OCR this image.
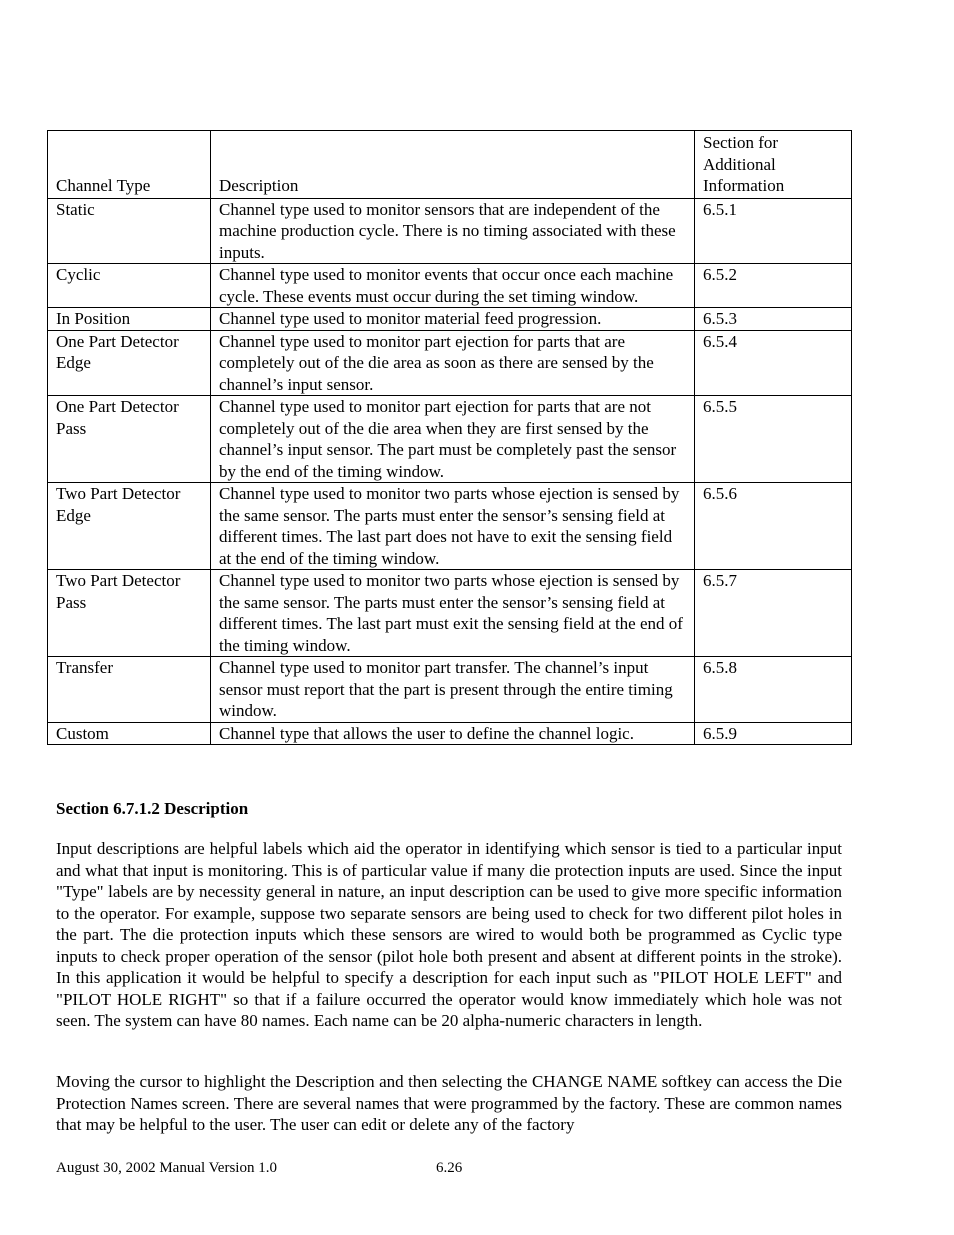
Channel Type	Description	Section for Additional Information
Static	Channel type used to monitor sensors that are independent of the machine production cycle. There is no timing associated with these inputs.	6.5.1
Cyclic	Channel type used to monitor events that occur once each machine cycle. These events must occur during the set timing window.	6.5.2
In Position	Channel type used to monitor material feed progression.	6.5.3
One Part Detector Edge	Channel type used to monitor part ejection for parts that are completely out of the die area as soon as there are sensed by the channel’s input sensor.	6.5.4
One Part Detector Pass	Channel type used to monitor part ejection for parts that are not completely out of the die area when they are first sensed by the channel’s input sensor. The part must be completely past the sensor by the end of the timing window.	6.5.5
Two Part Detector Edge	Channel type used to monitor two parts whose ejection is sensed by the same sensor. The parts must enter the sensor’s sensing field at different times. The last part does not have to exit the sensing field at the end of the timing window.	6.5.6
Two Part Detector Pass	Channel type used to monitor two parts whose ejection is sensed by the same sensor. The parts must enter the sensor’s sensing field at different times. The last part must exit the sensing field at the end of the timing window.	6.5.7
Transfer	Channel type used to monitor part transfer. The channel’s input sensor must report that the part is present through the entire timing window.	6.5.8
Custom	Channel type that allows the user to define the channel logic.	6.5.9
Section 6.7.1.2 Description

Input descriptions are helpful labels which aid the operator in identifying which sensor is tied to a particular input and what that input is monitoring. This is of particular value if many die protection inputs are used. Since the input "Type" labels are by necessity general in nature, an input description can be used to give more specific information to the operator. For example, suppose two separate sensors are being used to check for two different pilot holes in the part. The die protection inputs which these sensors are wired to would both be programmed as Cyclic type inputs to check proper operation of the sensor (pilot hole both present and absent at different points in the stroke). In this application it would be helpful to specify a description for each input such as "PILOT HOLE LEFT" and "PILOT HOLE RIGHT" so that if a failure occurred the operator would know immediately which hole was not seen. The system can have 80 names. Each name can be 20 alpha-numeric characters in length.

Moving the cursor to highlight the Description and then selecting the CHANGE NAME softkey can access the Die Protection Names screen. There are several names that were programmed by the factory. These are common names that may be helpful to the user. The user can edit or delete any of the factory

August 30, 2002 Manual Version 1.0	6.26
